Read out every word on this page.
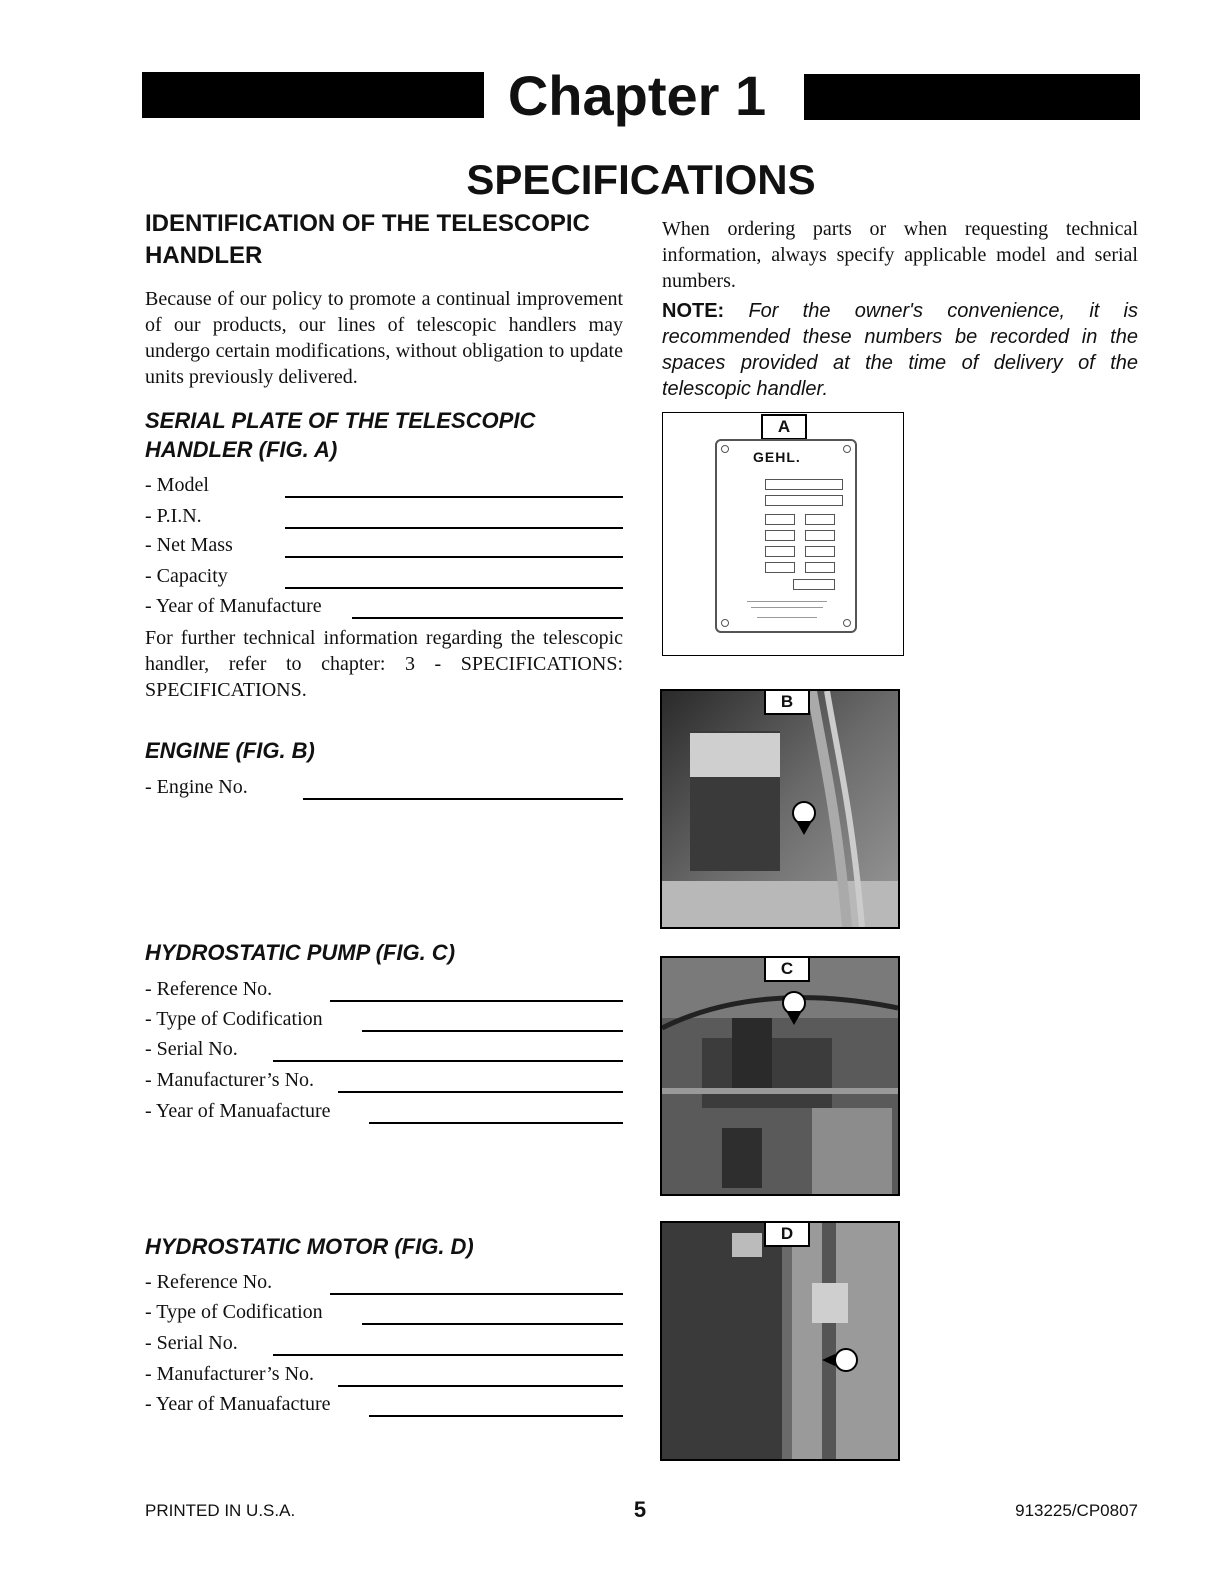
Chapter 1
SPECIFICATIONS
IDENTIFICATION OF THE TELESCOPIC
HANDLER
Because of our policy to promote a continual improvement of our products, our lines of telescopic handlers may undergo certain modifications, without obligation to update units previously delivered.
SERIAL PLATE OF THE TELESCOPIC
HANDLER (FIG. A)
- Model
- P.I.N.
- Net Mass
- Capacity
- Year of Manufacture
For further technical information regarding the telescopic handler, refer to chapter: 3 - SPECIFICATIONS: SPECIFICATIONS.
ENGINE (FIG. B)
- Engine No.
HYDROSTATIC PUMP (FIG. C)
- Reference No.
- Type of Codification
- Serial No.
- Manufacturer’s No.
- Year of Manuafacture
HYDROSTATIC MOTOR (FIG. D)
- Reference No.
- Type of Codification
- Serial No.
- Manufacturer’s No.
- Year of Manuafacture
When ordering parts or when requesting technical information, always specify applicable model and serial numbers.
NOTE: For the owner's convenience, it is recommended these numbers be recorded in the spaces provided at the time of delivery of the telescopic handler.
A
GEHL.
B
C
D
PRINTED IN U.S.A.	5	913225/CP0807
